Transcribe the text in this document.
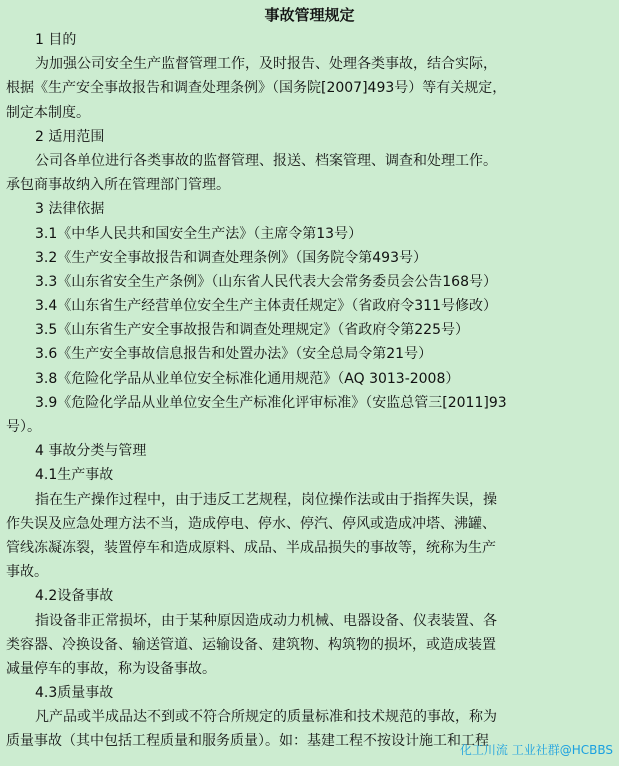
事故管理规定
1 目的
为加强公司安全生产监督管理工作，及时报告、处理各类事故，结合实际，
根据《生产安全事故报告和调查处理条例》（国务院[2007]493号）等有关规定，
制定本制度。
2 适用范围
公司各单位进行各类事故的监督管理、报送、档案管理、调查和处理工作。
承包商事故纳入所在管理部门管理。
3 法律依据
3.1《中华人民共和国安全生产法》（主席令第13号）
3.2《生产安全事故报告和调查处理条例》（国务院令第493号）
3.3《山东省安全生产条例》（山东省人民代表大会常务委员会公告168号）
3.4《山东省生产经营单位安全生产主体责任规定》（省政府令311号修改）
3.5《山东省生产安全事故报告和调查处理规定》（省政府令第225号）
3.6《生产安全事故信息报告和处置办法》（安全总局令第21号）
3.8《危险化学品从业单位安全标准化通用规范》（AQ 3013-2008）
3.9《危险化学品从业单位安全生产标准化评审标准》（安监总管三[2011]93
号）。
4 事故分类与管理
4.1生产事故
指在生产操作过程中，由于违反工艺规程，岗位操作法或由于指挥失误，操
作失误及应急处理方法不当，造成停电、停水、停汽、停风或造成冲塔、沸罐、
管线冻凝冻裂，装置停车和造成原料、成品、半成品损失的事故等，统称为生产
事故。
4.2设备事故
指设备非正常损坏，由于某种原因造成动力机械、电器设备、仪表装置、各
类容器、冷换设备、输送管道、运输设备、建筑物、构筑物的损坏，或造成装置
减量停车的事故，称为设备事故。
4.3质量事故
凡产品或半成品达不到或不符合所规定的质量标准和技术规范的事故，称为
质量事故（其中包括工程质量和服务质量）。如：基建工程不按设计施工和工程
化工川流 工业社群@HCBBS
